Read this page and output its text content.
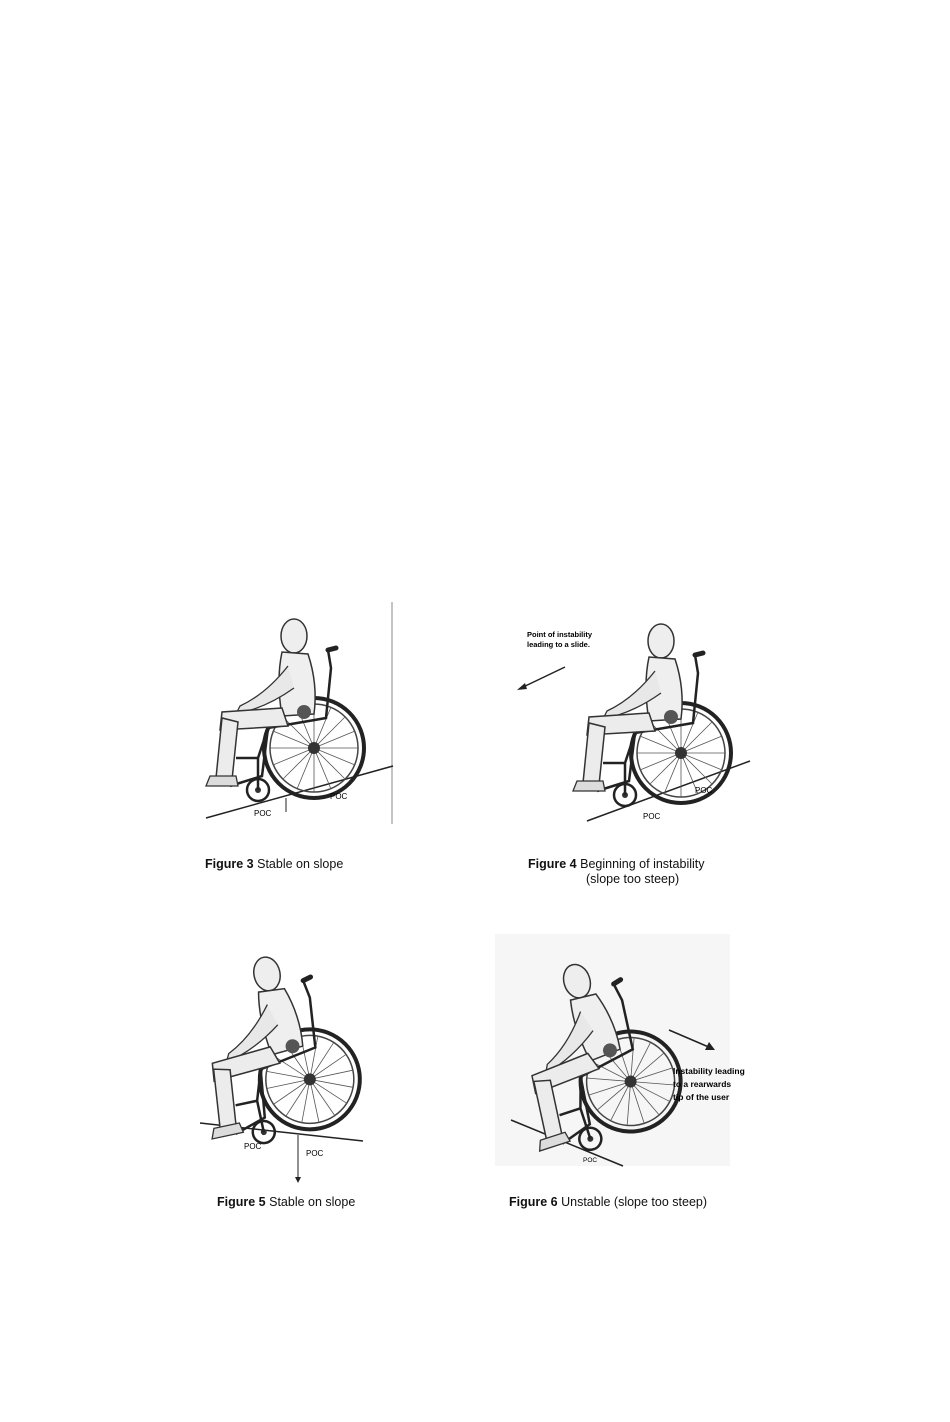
POC
POC
Figure 3 Stable on slope
Point of instability
leading to a slide.
POC
POC
Figure 4 Beginning of instability
(slope too steep)
POC
POC
Figure 5 Stable on slope
Instability leading
to a rearwards
tip of the user
POC
Figure 6 Unstable (slope too steep)
